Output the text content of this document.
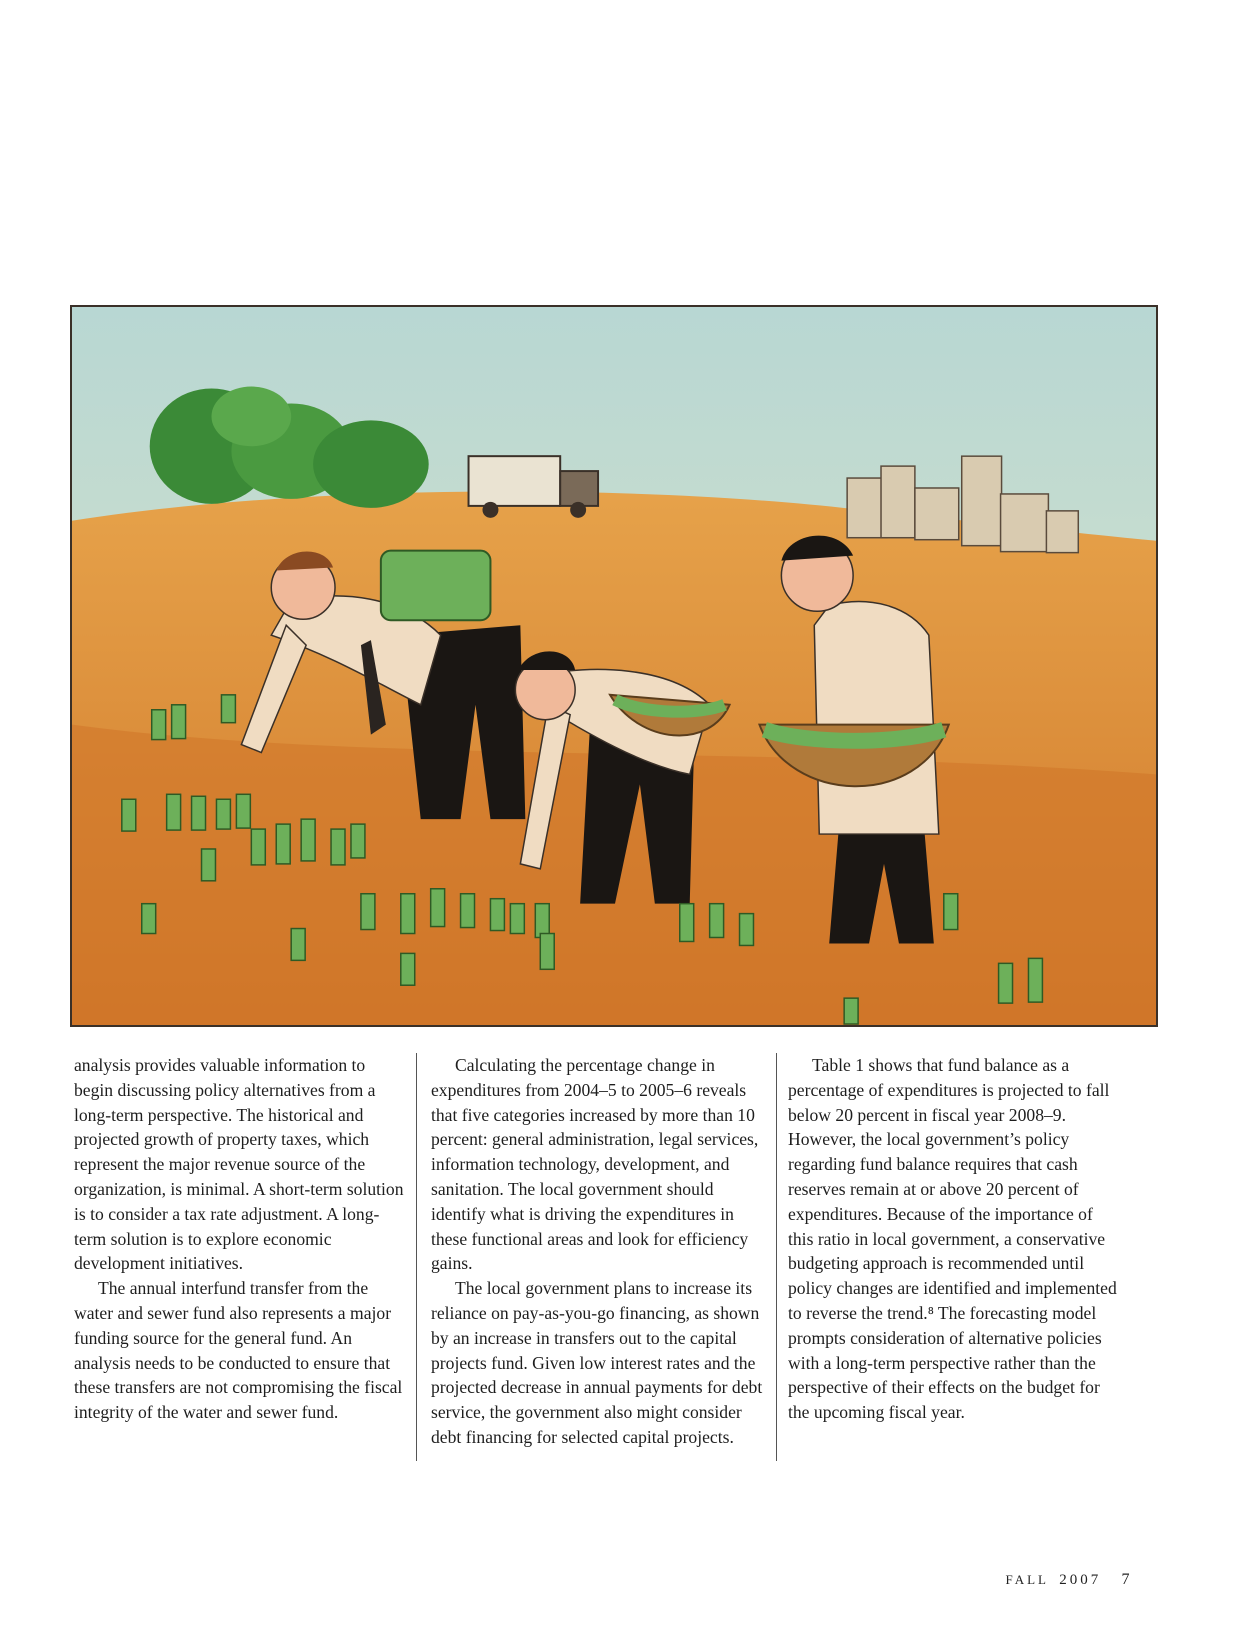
analysis provides valuable information to begin discussing policy alternatives from a long-term perspective. The historical and projected growth of property taxes, which represent the major revenue source of the organization, is minimal. A short-term solution is to consider a tax rate adjustment. A long-term solution is to explore economic development initiatives.

The annual interfund transfer from the water and sewer fund also represents a major funding source for the general fund. An analysis needs to be conducted to ensure that these transfers are not compromising the fiscal integrity of the water and sewer fund.

Calculating the percentage change in expenditures from 2004–5 to 2005–6 reveals that five categories increased by more than 10 percent: general administration, legal services, information technology, development, and sanitation. The local government should identify what is driving the expenditures in these functional areas and look for efficiency gains.

The local government plans to increase its reliance on pay-as-you-go financing, as shown by an increase in transfers out to the capital projects fund. Given low interest rates and the projected decrease in annual payments for debt service, the government also might consider debt financing for selected capital projects.

Table 1 shows that fund balance as a percentage of expenditures is projected to fall below 20 percent in fiscal year 2008–9. However, the local government’s policy regarding fund balance requires that cash reserves remain at or above 20 percent of expenditures. Because of the importance of this ratio in local government, a conservative budgeting approach is recommended until policy changes are identified and implemented to reverse the trend.⁸ The forecasting model prompts consideration of alternative policies with a long-term perspective rather than the perspective of their effects on the budget for the upcoming fiscal year.

FALL 2007 7
